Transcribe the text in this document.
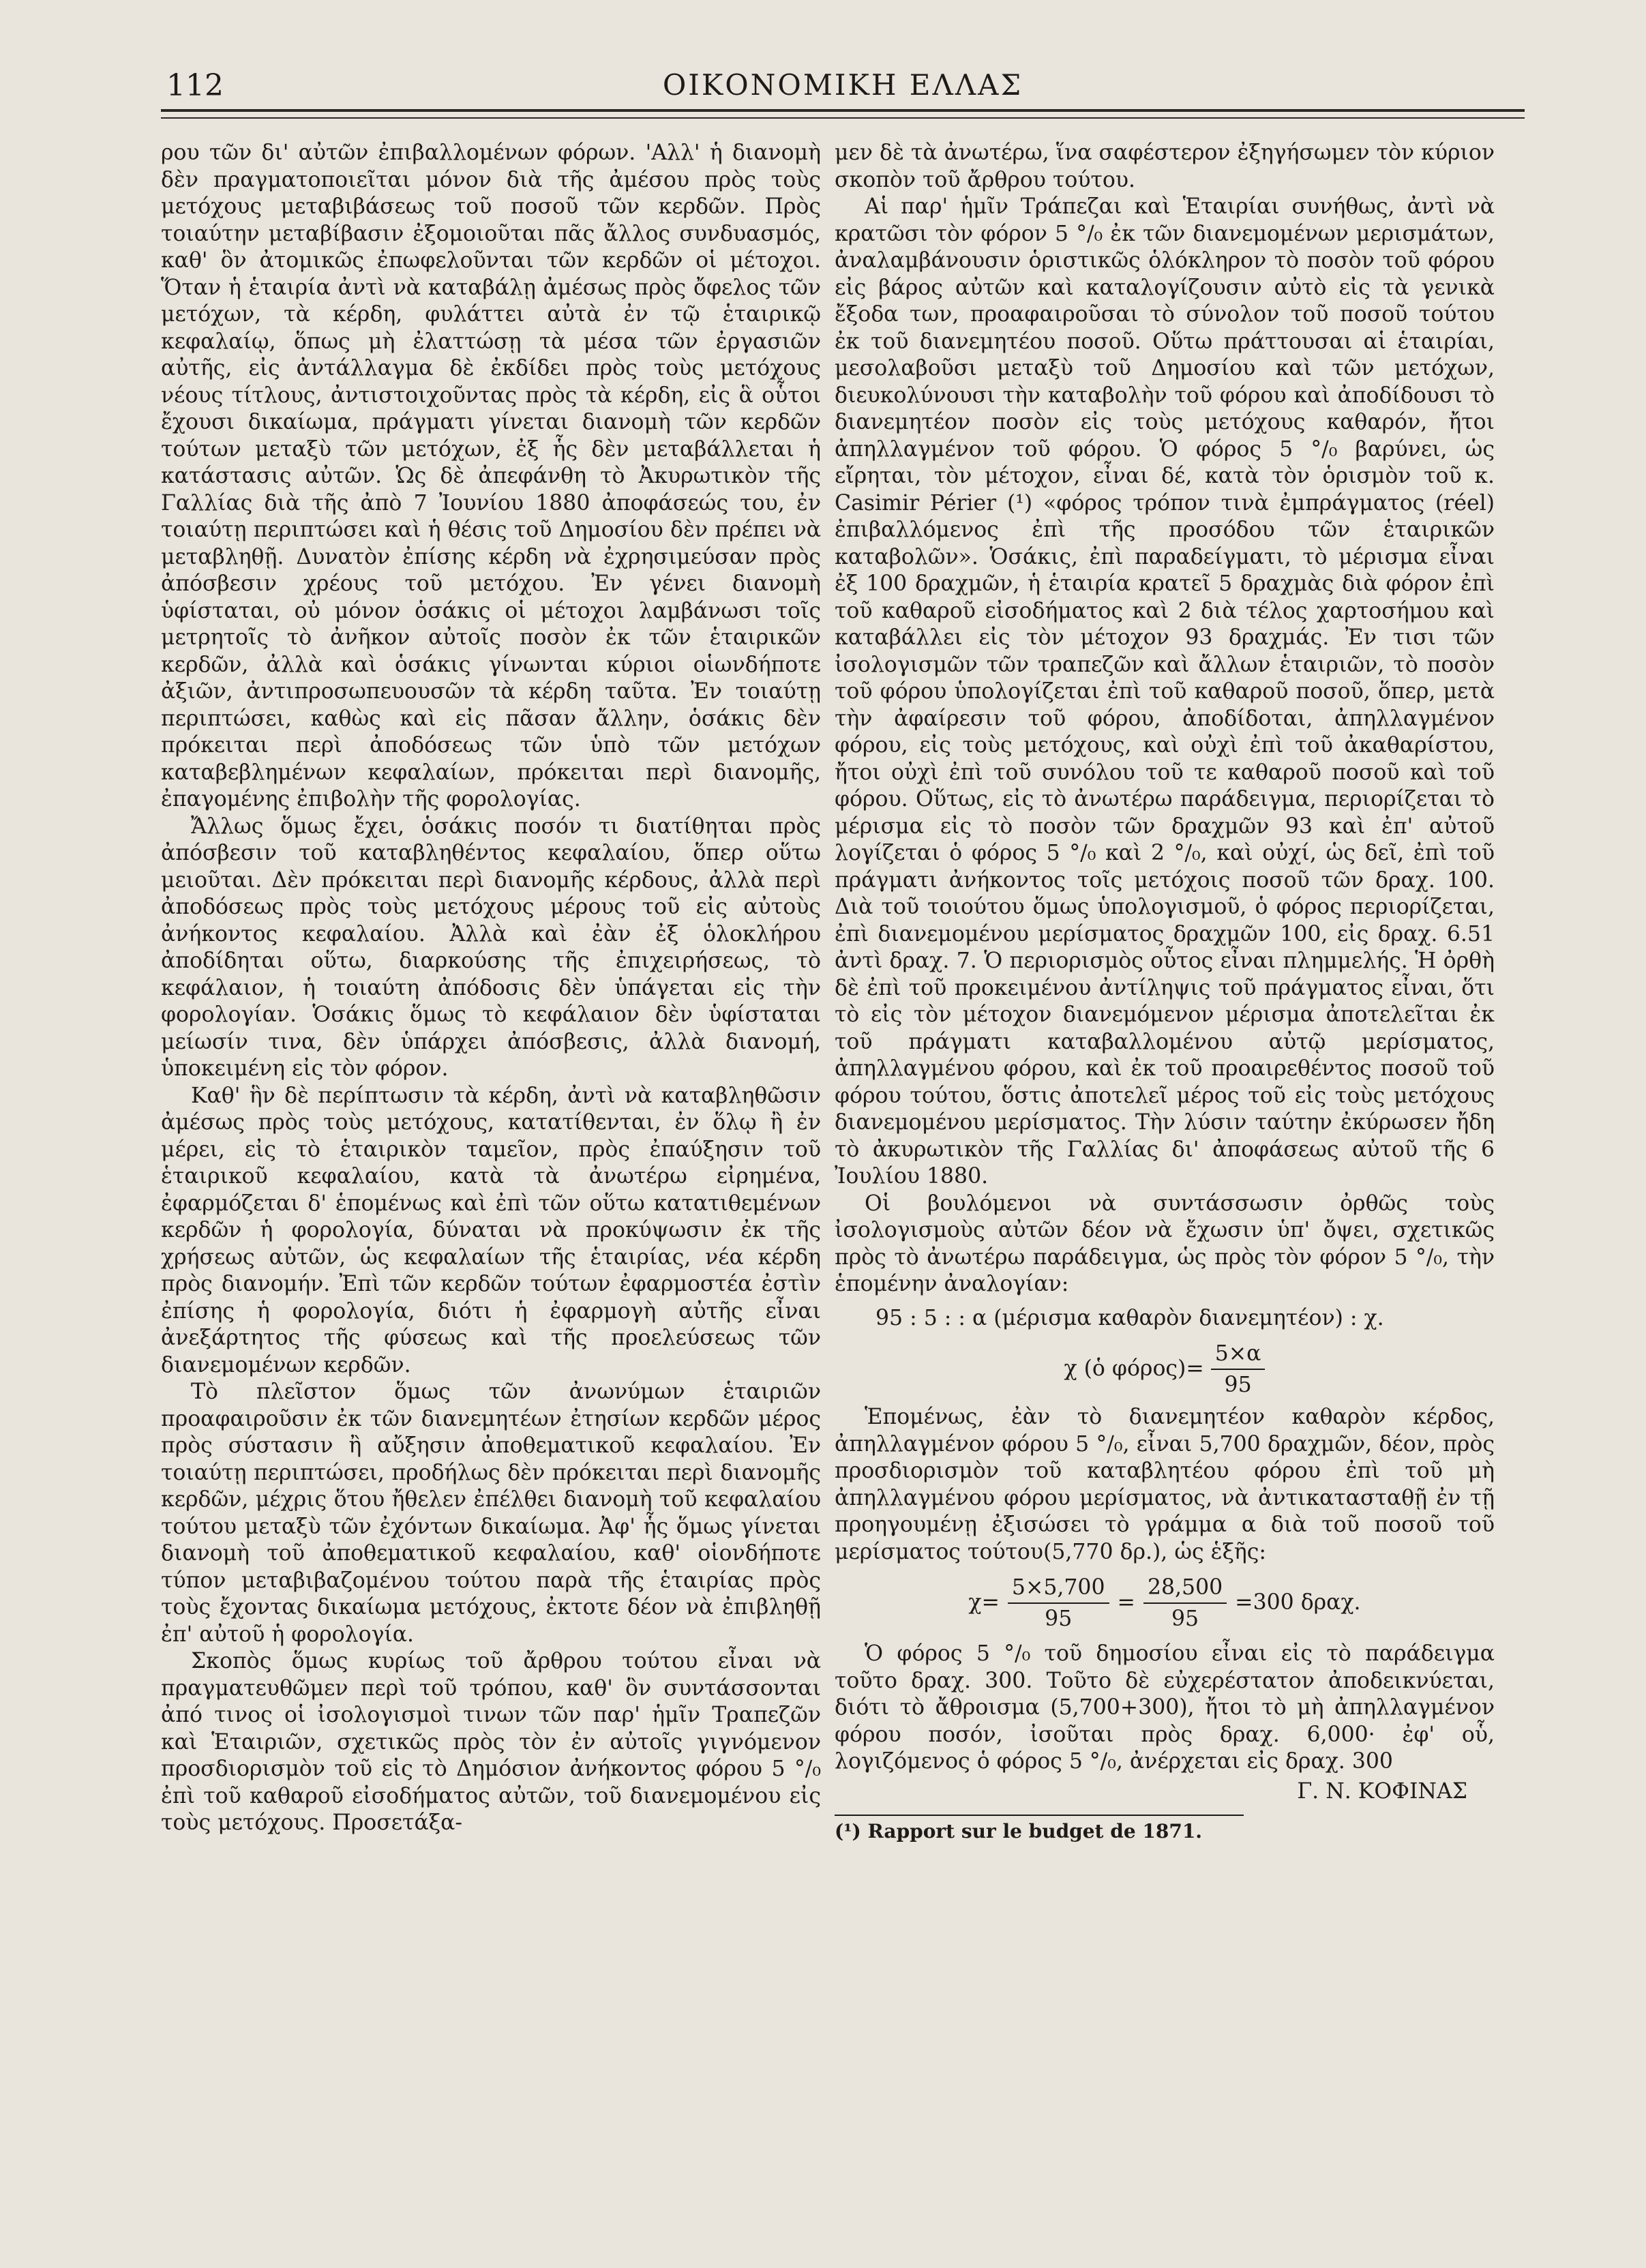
112	ΟΙΚΟΝΟΜΙΚΗ ΕΛΛΑΣ

ρου τῶν δι' αὐτῶν ἐπιβαλλομένων φόρων. 'Αλλ' ἡ διανομὴ δὲν πραγματοποιεῖται μόνον διὰ τῆς ἀμέσου πρὸς τοὺς μετόχους μεταβιβάσεως τοῦ ποσοῦ τῶν κερδῶν. Πρὸς τοιαύτην μεταβίβασιν ἐξομοιοῦται πᾶς ἄλλος συνδυασμός, καθ' ὃν ἀτομικῶς ἐπωφελοῦνται τῶν κερδῶν οἱ μέτοχοι. Ὅταν ἡ ἑταιρία ἀντὶ νὰ καταβάλῃ ἀμέσως πρὸς ὄφελος τῶν μετόχων, τὰ κέρδη, φυλάττει αὐτὰ ἐν τῷ ἑταιρικῷ κεφαλαίῳ, ὅπως μὴ ἐλαττώσῃ τὰ μέσα τῶν ἐργασιῶν αὐτῆς, εἰς ἀντάλλαγμα δὲ ἐκδίδει πρὸς τοὺς μετόχους νέους τίτλους, ἀντιστοιχοῦντας πρὸς τὰ κέρδη, εἰς ἃ οὗτοι ἔχουσι δικαίωμα, πράγματι γίνεται διανομὴ τῶν κερδῶν τούτων μεταξὺ τῶν μετόχων, ἐξ ἧς δὲν μεταβάλλεται ἡ κατάστασις αὐτῶν. Ὡς δὲ ἀπεφάνθη τὸ Ἀκυρωτικὸν τῆς Γαλλίας διὰ τῆς ἀπὸ 7 Ἰουνίου 1880 ἀποφάσεώς του, ἐν τοιαύτῃ περιπτώσει καὶ ἡ θέσις τοῦ Δημοσίου δὲν πρέπει νὰ μεταβληθῇ. Δυνατὸν ἐπίσης κέρδη νὰ ἐχρησιμεύσαν πρὸς ἀπόσβεσιν χρέους τοῦ μετόχου. Ἐν γένει διανομὴ ὑφίσταται, οὐ μόνον ὁσάκις οἱ μέτοχοι λαμβάνωσι τοῖς μετρητοῖς τὸ ἀνῆκον αὐτοῖς ποσὸν ἐκ τῶν ἑταιρικῶν κερδῶν, ἀλλὰ καὶ ὁσάκις γίνωνται κύριοι οἱωνδήποτε ἀξιῶν, ἀντιπροσωπευουσῶν τὰ κέρδη ταῦτα. Ἐν τοιαύτῃ περιπτώσει, καθὼς καὶ εἰς πᾶσαν ἄλλην, ὁσάκις δὲν πρόκειται περὶ ἀποδόσεως τῶν ὑπὸ τῶν μετόχων καταβεβλημένων κεφαλαίων, πρόκειται περὶ διανομῆς, ἐπαγομένης ἐπιβολὴν τῆς φορολογίας.

Ἄλλως ὅμως ἔχει, ὁσάκις ποσόν τι διατίθηται πρὸς ἀπόσβεσιν τοῦ καταβληθέντος κεφαλαίου, ὅπερ οὕτω μειοῦται. Δὲν πρόκειται περὶ διανομῆς κέρδους, ἀλλὰ περὶ ἀποδόσεως πρὸς τοὺς μετόχους μέρους τοῦ εἰς αὐτοὺς ἀνήκοντος κεφαλαίου. Ἀλλὰ καὶ ἐὰν ἐξ ὁλοκλήρου ἀποδίδηται οὕτω, διαρκούσης τῆς ἐπιχειρήσεως, τὸ κεφάλαιον, ἡ τοιαύτη ἀπόδοσις δὲν ὑπάγεται εἰς τὴν φορολογίαν. Ὁσάκις ὅμως τὸ κεφάλαιον δὲν ὑφίσταται μείωσίν τινα, δὲν ὑπάρχει ἀπόσβεσις, ἀλλὰ διανομή, ὑποκειμένη εἰς τὸν φόρον.

Καθ' ἣν δὲ περίπτωσιν τὰ κέρδη, ἀντὶ νὰ καταβληθῶσιν ἀμέσως πρὸς τοὺς μετόχους, κατατίθενται, ἐν ὅλῳ ἢ ἐν μέρει, εἰς τὸ ἑταιρικὸν ταμεῖον, πρὸς ἐπαύξησιν τοῦ ἑταιρικοῦ κεφαλαίου, κατὰ τὰ ἀνωτέρω εἰρημένα, ἐφαρμόζεται δ' ἑπομένως καὶ ἐπὶ τῶν οὕτω κατατιθεμένων κερδῶν ἡ φορολογία, δύναται νὰ προκύψωσιν ἐκ τῆς χρήσεως αὐτῶν, ὡς κεφαλαίων τῆς ἑταιρίας, νέα κέρδη πρὸς διανομήν. Ἐπὶ τῶν κερδῶν τούτων ἐφαρμοστέα ἐστὶν ἐπίσης ἡ φορολογία, διότι ἡ ἐφαρμογὴ αὐτῆς εἶναι ἀνεξάρτητος τῆς φύσεως καὶ τῆς προελεύσεως τῶν διανεμομένων κερδῶν.

Τὸ πλεῖστον ὅμως τῶν ἀνωνύμων ἑταιριῶν προαφαιροῦσιν ἐκ τῶν διανεμητέων ἐτησίων κερδῶν μέρος πρὸς σύστασιν ἢ αὔξησιν ἀποθεματικοῦ κεφαλαίου. Ἐν τοιαύτῃ περιπτώσει, προδήλως δὲν πρόκειται περὶ διανομῆς κερδῶν, μέχρις ὅτου ἤθελεν ἐπέλθει διανομὴ τοῦ κεφαλαίου τούτου μεταξὺ τῶν ἐχόντων δικαίωμα. Ἀφ' ἧς ὅμως γίνεται διανομὴ τοῦ ἀποθεματικοῦ κεφαλαίου, καθ' οἱονδήποτε τύπον μεταβιβαζομένου τούτου παρὰ τῆς ἑταιρίας πρὸς τοὺς ἔχοντας δικαίωμα μετόχους, ἐκτοτε δέον νὰ ἐπιβληθῇ ἐπ' αὐτοῦ ἡ φορολογία.

Σκοπὸς ὅμως κυρίως τοῦ ἄρθρου τούτου εἶναι νὰ πραγματευθῶμεν περὶ τοῦ τρόπου, καθ' ὃν συντάσσονται ἀπό τινος οἱ ἰσολογισμοὶ τινων τῶν παρ' ἡμῖν Τραπεζῶν καὶ Ἑταιριῶν, σχετικῶς πρὸς τὸν ἐν αὐτοῖς γιγνόμενον προσδιορισμὸν τοῦ εἰς τὸ Δημόσιον ἀνήκοντος φόρου 5 °/₀ ἐπὶ τοῦ καθαροῦ εἰσοδήματος αὐτῶν, τοῦ διανεμομένου εἰς τοὺς μετόχους. Προσετάξα-

μεν δὲ τὰ ἀνωτέρω, ἵνα σαφέστερον ἐξηγήσωμεν τὸν κύριον σκοπὸν τοῦ ἄρθρου τούτου.

Αἱ παρ' ἡμῖν Τράπεζαι καὶ Ἑταιρίαι συνήθως, ἀντὶ νὰ κρατῶσι τὸν φόρον 5 °/₀ ἐκ τῶν διανεμομένων μερισμάτων, ἀναλαμβάνουσιν ὁριστικῶς ὁλόκληρον τὸ ποσὸν τοῦ φόρου εἰς βάρος αὐτῶν καὶ καταλογίζουσιν αὐτὸ εἰς τὰ γενικὰ ἔξοδα των, προαφαιροῦσαι τὸ σύνολον τοῦ ποσοῦ τούτου ἐκ τοῦ διανεμητέου ποσοῦ. Οὕτω πράττουσαι αἱ ἑταιρίαι, μεσολαβοῦσι μεταξὺ τοῦ Δημοσίου καὶ τῶν μετόχων, διευκολύνουσι τὴν καταβολὴν τοῦ φόρου καὶ ἀποδίδουσι τὸ διανεμητέον ποσὸν εἰς τοὺς μετόχους καθαρόν, ἤτοι ἀπηλλαγμένον τοῦ φόρου. Ὁ φόρος 5 °/₀ βαρύνει, ὡς εἴρηται, τὸν μέτοχον, εἶναι δέ, κατὰ τὸν ὁρισμὸν τοῦ κ. Casimir Périer (¹) «φόρος τρόπον τινὰ ἐμπράγματος (réel) ἐπιβαλλόμενος ἐπὶ τῆς προσόδου τῶν ἑταιρικῶν καταβολῶν». Ὁσάκις, ἐπὶ παραδείγματι, τὸ μέρισμα εἶναι ἐξ 100 δραχμῶν, ἡ ἑταιρία κρατεῖ 5 δραχμὰς διὰ φόρον ἐπὶ τοῦ καθαροῦ εἰσοδήματος καὶ 2 διὰ τέλος χαρτοσήμου καὶ καταβάλλει εἰς τὸν μέτοχον 93 δραχμάς. Ἐν τισι τῶν ἰσολογισμῶν τῶν τραπεζῶν καὶ ἄλλων ἑταιριῶν, τὸ ποσὸν τοῦ φόρου ὑπολογίζεται ἐπὶ τοῦ καθαροῦ ποσοῦ, ὅπερ, μετὰ τὴν ἀφαίρεσιν τοῦ φόρου, ἀποδίδοται, ἀπηλλαγμένον φόρου, εἰς τοὺς μετόχους, καὶ οὐχὶ ἐπὶ τοῦ ἀκαθαρίστου, ἤτοι οὐχὶ ἐπὶ τοῦ συνόλου τοῦ τε καθαροῦ ποσοῦ καὶ τοῦ φόρου. Οὕτως, εἰς τὸ ἀνωτέρω παράδειγμα, περιορίζεται τὸ μέρισμα εἰς τὸ ποσὸν τῶν δραχμῶν 93 καὶ ἐπ' αὐτοῦ λογίζεται ὁ φόρος 5 °/₀ καὶ 2 °/₀, καὶ οὐχί, ὡς δεῖ, ἐπὶ τοῦ πράγματι ἀνήκοντος τοῖς μετόχοις ποσοῦ τῶν δραχ. 100. Διὰ τοῦ τοιούτου ὅμως ὑπολογισμοῦ, ὁ φόρος περιορίζεται, ἐπὶ διανεμομένου μερίσματος δραχμῶν 100, εἰς δραχ. 6.51 ἀντὶ δραχ. 7. Ὁ περιορισμὸς οὗτος εἶναι πλημμελής. Ἡ ὀρθὴ δὲ ἐπὶ τοῦ προκειμένου ἀντίληψις τοῦ πράγματος εἶναι, ὅτι τὸ εἰς τὸν μέτοχον διανεμόμενον μέρισμα ἀποτελεῖται ἐκ τοῦ πράγματι καταβαλλομένου αὐτῷ μερίσματος, ἀπηλλαγμένου φόρου, καὶ ἐκ τοῦ προαιρεθέντος ποσοῦ τοῦ φόρου τούτου, ὅστις ἀποτελεῖ μέρος τοῦ εἰς τοὺς μετόχους διανεμομένου μερίσματος. Τὴν λύσιν ταύτην ἐκύρωσεν ἤδη τὸ ἀκυρωτικὸν τῆς Γαλλίας δι' ἀποφάσεως αὐτοῦ τῆς 6 Ἰουλίου 1880.

Οἱ βουλόμενοι νὰ συντάσσωσιν ὀρθῶς τοὺς ἰσολογισμοὺς αὐτῶν δέον νὰ ἔχωσιν ὑπ' ὄψει, σχετικῶς πρὸς τὸ ἀνωτέρω παράδειγμα, ὡς πρὸς τὸν φόρον 5 °/₀, τὴν ἑπομένην ἀναλογίαν:

95 : 5 : : α (μέρισμα καθαρὸν διανεμητέον) : χ.
χ (ὁ $\varphi ό\rho o\varsigma)= \frac{5\times\alpha}{95}$

Ἑπομένως, ἐὰν τὸ διανεμητέον καθαρὸν κέρδος, ἀπηλλαγμένον φόρου 5 °/₀, εἶναι 5,700 δραχμῶν, δέον, πρὸς προσδιορισμὸν τοῦ καταβλητέου φόρου ἐπὶ τοῦ μὴ ἀπηλλαγμένου φόρου μερίσματος, νὰ ἀντικατασταθῇ ἐν τῇ προηγουμένῃ ἐξισώσει τὸ γράμμα α διὰ τοῦ ποσοῦ τοῦ μερίσματος τούτου(5,770 δρ.), ὡς ἑξῆς:

$\chi= \frac{5\times 5,700}{95} = \frac{28,500}{95} =300$ δραχ.

Ὁ φόρος 5 °/₀ τοῦ δημοσίου εἶναι εἰς τὸ παράδειγμα τοῦτο δραχ. 300. Τοῦτο δὲ εὐχερέστατον ἀποδεικνύεται, διότι τὸ ἄθροισμα (5,700+300), ἤτοι τὸ μὴ ἀπηλλαγμένον φόρου ποσόν, ἰσοῦται πρὸς δραχ. 6,000· ἐφ' οὗ, λογιζόμενος ὁ φόρος 5 °/₀, ἀνέρχεται εἰς δραχ. 300

Γ. Ν. ΚΟΦΙΝΑΣ
(¹) Rapport sur le budget de 1871.
